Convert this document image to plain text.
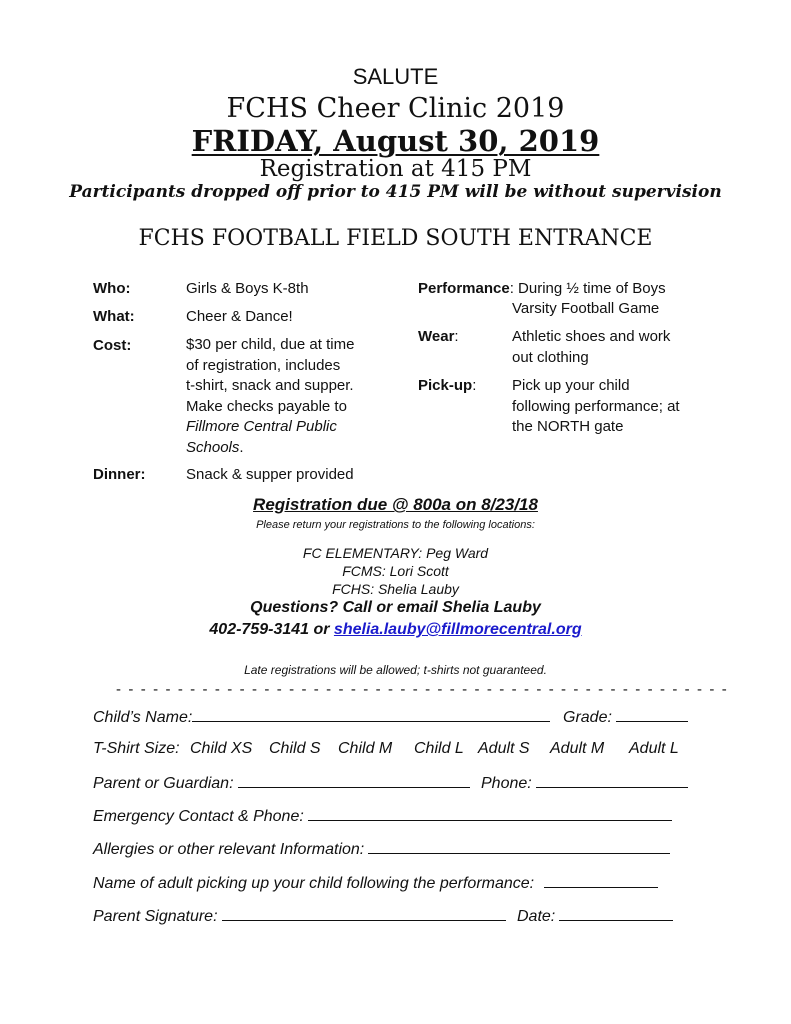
SALUTE
FCHS Cheer Clinic 2019
FRIDAY, August 30, 2019
Registration at 415 PM
Participants dropped off prior to 415 PM will be without supervision
FCHS FOOTBALL FIELD SOUTH ENTRANCE
Who:	Girls & Boys K-8th
What:	Cheer & Dance!
Cost:	$30 per child, due at time
of registration, includes
t-shirt, snack and supper.
Make checks payable to
Fillmore Central Public
Schools.
Dinner:	Snack & supper provided
Performance: During ½ time of Boys
Varsity Football Game
Wear:	Athletic shoes and work
out clothing
Pick-up: Pick up your child
following performance; at
the NORTH gate
Registration due @ 800a on 8/23/18
Please return your registrations to the following locations:
FC ELEMENTARY: Peg Ward
FCMS: Lori Scott
FCHS: Shelia Lauby
Questions? Call or email Shelia Lauby
402-759-3141 or shelia.lauby@fillmorecentral.org
Late registrations will be allowed; t-shirts not guaranteed.
- - - - - - - - - - - - - - - - - - - - - - - - - - - - - - - - - - - - - - - - - - - - - - - - - -
Child’s Name:	Grade:
T-Shirt Size: Child XS Child S Child M Child L Adult S Adult M Adult L
Parent or Guardian:	Phone:
Emergency Contact & Phone:
Allergies or other relevant Information:
Name of adult picking up your child following the performance:
Parent Signature:	Date:
